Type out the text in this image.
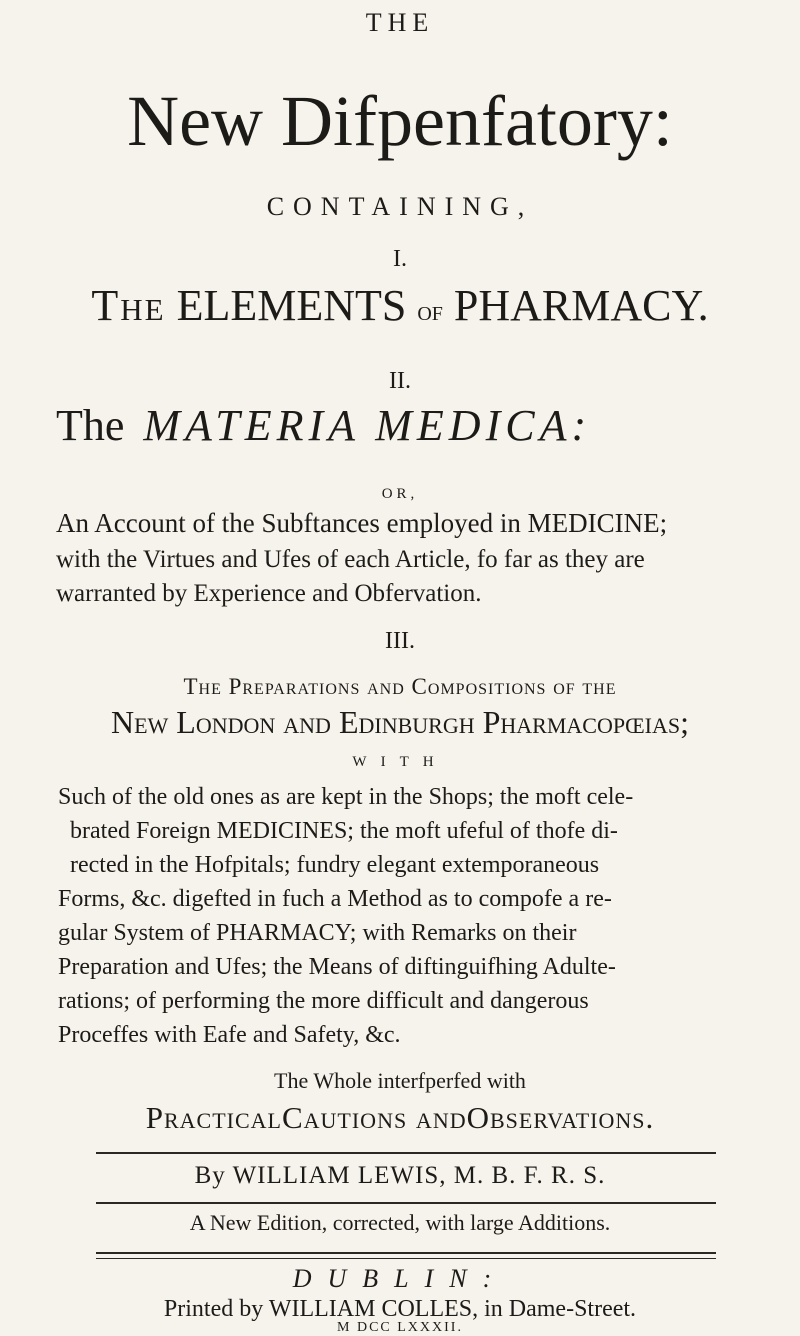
THE
New Difpenfatory:
CONTAINING,
I.
The ELEMENTS of PHARMACY.
II.
The MATERIA MEDICA:
OR,
An Account of the Subftances employed in MEDICINE;
with the Virtues and Ufes of each Article, fo far as they are
warranted by Experience and Obfervation.
III.
The Preparations and Compositions of the
New London and Edinburgh Pharmacopœias;
WITH
Such of the old ones as are kept in the Shops; the moft cele-
brated Foreign MEDICINES; the moft ufeful of thofe di-
rected in the Hofpitals; fundry elegant extemporaneous
Forms, &c. digefted in fuch a Method as to compofe a re-
gular System of PHARMACY; with Remarks on their
Preparation and Ufes; the Means of diftinguifhing Adulte-
rations; of performing the more difficult and dangerous
Proceffes with Eafe and Safety, &c.
The Whole interfperfed with
PracticalCautions andObservations.
By WILLIAM LEWIS, M. B. F. R. S.
A New Edition, corrected, with large Additions.
DUBLIN:
Printed by WILLIAM COLLES, in Dame-Street.
M DCC LXXXII.
